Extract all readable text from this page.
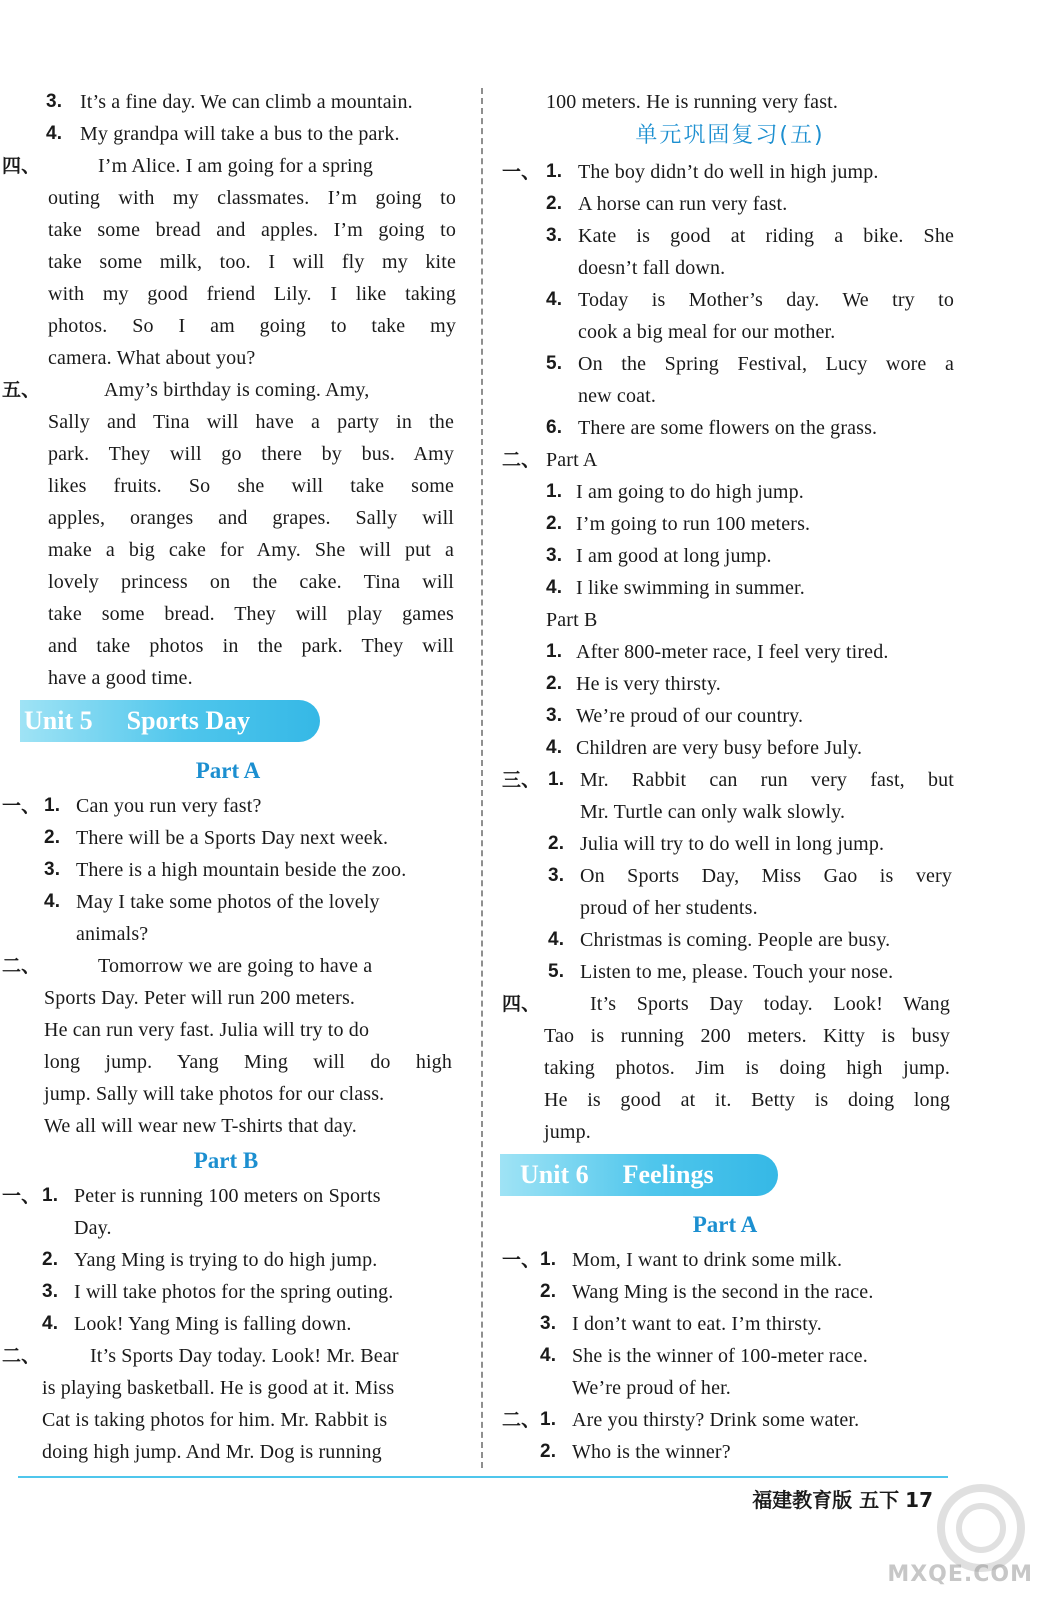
3. It’s a fine day. We can climb a mountain.
4. My grandpa will take a bus to the park.
四、	I’m Alice. I am going for a spring
outing with my classmates. I’m going to
take some bread and apples. I’m going to
take some milk, too. I will fly my kite
with my good friend Lily. I like taking
photos. So I am going to take my
camera. What about you?
五、	Amy’s birthday is coming. Amy,
Sally and Tina will have a party in the
park. They will go there by bus. Amy
likes fruits. So she will take some
apples, oranges and grapes. Sally will
make a big cake for Amy. She will put a
lovely princess on the cake. Tina will
take some bread. They will play games
and take photos in the park. They will
have a good time.
Unit 5 Sports Day
Part A
一、 1. Can you run very fast?
2. There will be a Sports Day next week.
3. There is a high mountain beside the zoo.
4. May I take some photos of the lovely
animals?
二、	Tomorrow we are going to have a
Sports Day. Peter will run 200 meters.
He can run very fast. Julia will try to do
long jump. Yang Ming will do high
jump. Sally will take photos for our class.
We all will wear new T-shirts that day.
Part B
一、 1. Peter is running 100 meters on Sports
Day.
2. Yang Ming is trying to do high jump.
3. I will take photos for the spring outing.
4. Look! Yang Ming is falling down.
二、 It’s Sports Day today. Look! Mr. Bear
is playing basketball. He is good at it. Miss
Cat is taking photos for him. Mr. Rabbit is
doing high jump. And Mr. Dog is running
100 meters. He is running very fast.
单元巩固复习(五)
一、 1. The boy didn’t do well in high jump.
2. A horse can run very fast.
3. Kate is good at riding a bike. She
doesn’t fall down.
4. Today is Mother’s day. We try to
cook a big meal for our mother.
5. On the Spring Festival, Lucy wore a
new coat.
6. There are some flowers on the grass.
二、 Part A
1. I am going to do high jump.
2. I’m going to run 100 meters.
3. I am good at long jump.
4. I like swimming in summer.
Part B
1. After 800-meter race, I feel very tired.
2. He is very thirsty.
3. We’re proud of our country.
4. Children are very busy before July.
三、 1. Mr. Rabbit can run very fast, but
Mr. Turtle can only walk slowly.
2. Julia will try to do well in long jump.
3. On Sports Day, Miss Gao is very
proud of her students.
4. Christmas is coming. People are busy.
5. Listen to me, please. Touch your nose.
四、 It’s Sports Day today. Look! Wang
Tao is running 200 meters. Kitty is busy
taking photos. Jim is doing high jump.
He is good at it. Betty is doing long
jump.
Unit 6 Feelings
Part A
一、 1. Mom, I want to drink some milk.
2. Wang Ming is the second in the race.
3. I don’t want to eat. I’m thirsty.
4. She is the winner of 100-meter race.
We’re proud of her.
二、 1. Are you thirsty? Drink some water.
2. Who is the winner?
福建教育版 五下 17
MXQE.COM
